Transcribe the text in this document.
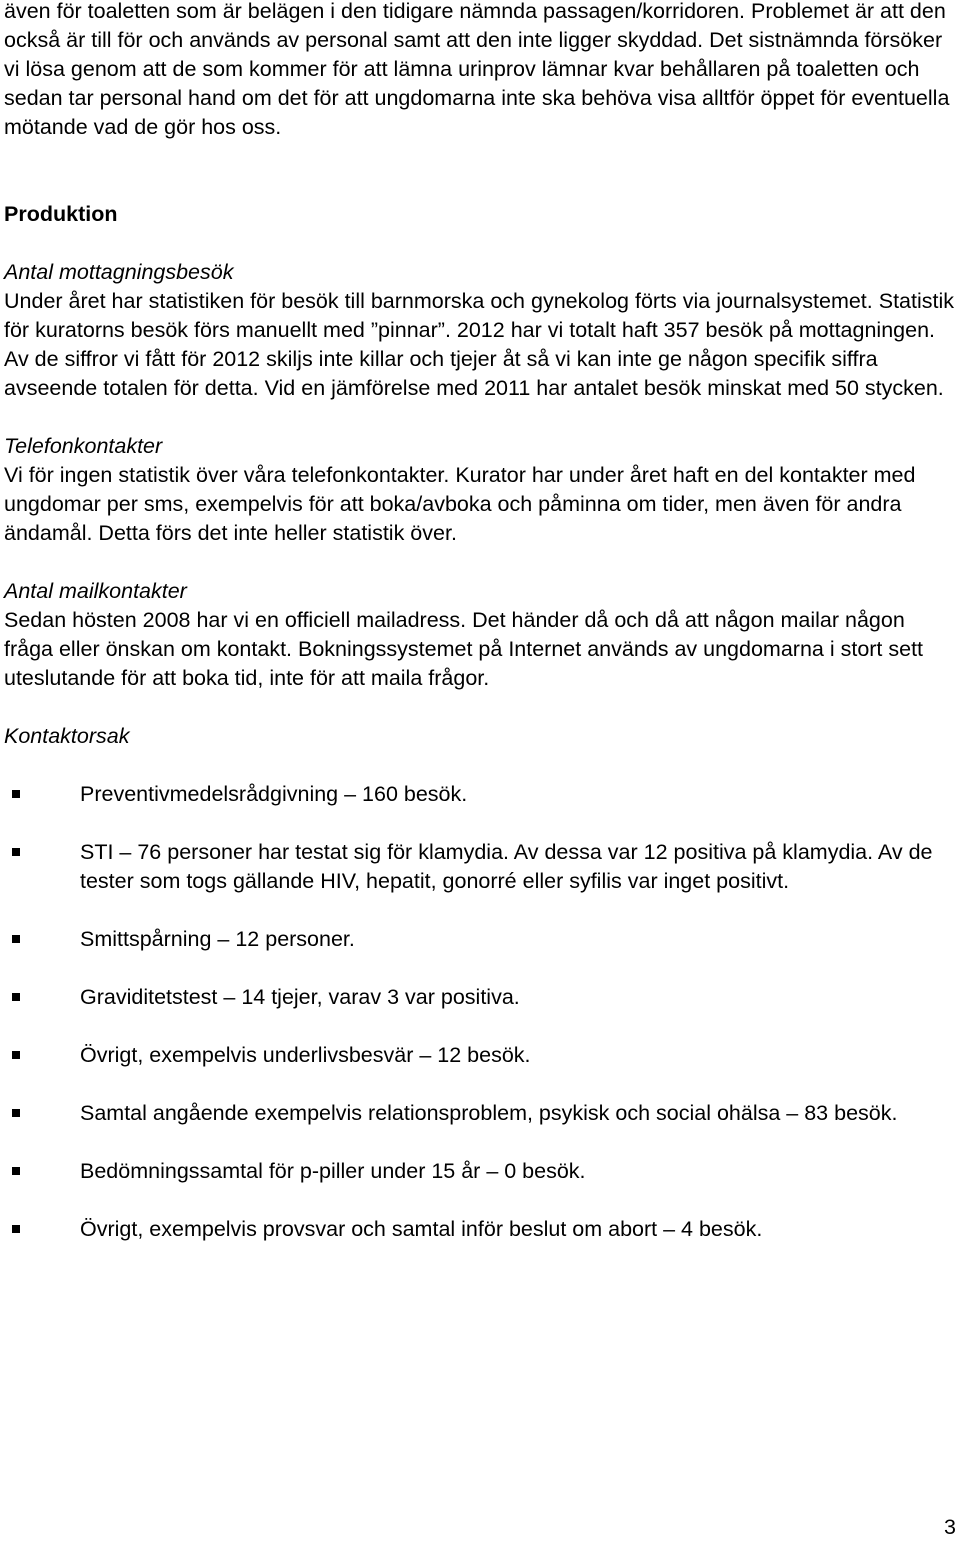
även för toaletten som är belägen i den tidigare nämnda passagen/korridoren. Problemet är att den också är till för och används av personal samt att den inte ligger skyddad. Det sistnämnda försöker vi lösa genom att de som kommer för att lämna urinprov lämnar kvar behållaren på toaletten och sedan tar personal hand om det för att ungdomarna inte ska behöva visa alltför öppet för eventuella mötande vad de gör hos oss.

Produktion
Antal mottagningsbesök

Under året har statistiken för besök till barnmorska och gynekolog förts via journalsystemet. Statistik för kuratorns besök förs manuellt med ”pinnar”. 2012 har vi totalt haft 357 besök på mottagningen. Av de siffror vi fått för 2012 skiljs inte killar och tjejer åt så vi kan inte ge någon specifik siffra avseende totalen för detta. Vid en jämförelse med 2011 har antalet besök minskat med 50 stycken.

Telefonkontakter

Vi för ingen statistik över våra telefonkontakter. Kurator har under året haft en del kontakter med ungdomar per sms, exempelvis för att boka/avboka och påminna om tider, men även för andra ändamål. Detta förs det inte heller statistik över.

Antal mailkontakter

Sedan hösten 2008 har vi en officiell mailadress. Det händer då och då att någon mailar någon fråga eller önskan om kontakt. Bokningssystemet på Internet används av ungdomarna i stort sett uteslutande för att boka tid, inte för att maila frågor.

Kontaktorsak
Preventivmedelsrådgivning – 160 besök.
STI – 76 personer har testat sig för klamydia. Av dessa var 12 positiva på klamydia. Av de tester som togs gällande HIV, hepatit, gonorré eller syfilis var inget positivt.
Smittspårning – 12 personer.
Graviditetstest – 14 tjejer, varav 3 var positiva.
Övrigt, exempelvis underlivsbesvär – 12 besök.
Samtal angående exempelvis relationsproblem, psykisk och social ohälsa – 83 besök.
Bedömningssamtal för p-piller under 15 år – 0 besök.
Övrigt, exempelvis provsvar och samtal inför beslut om abort – 4 besök.
3
